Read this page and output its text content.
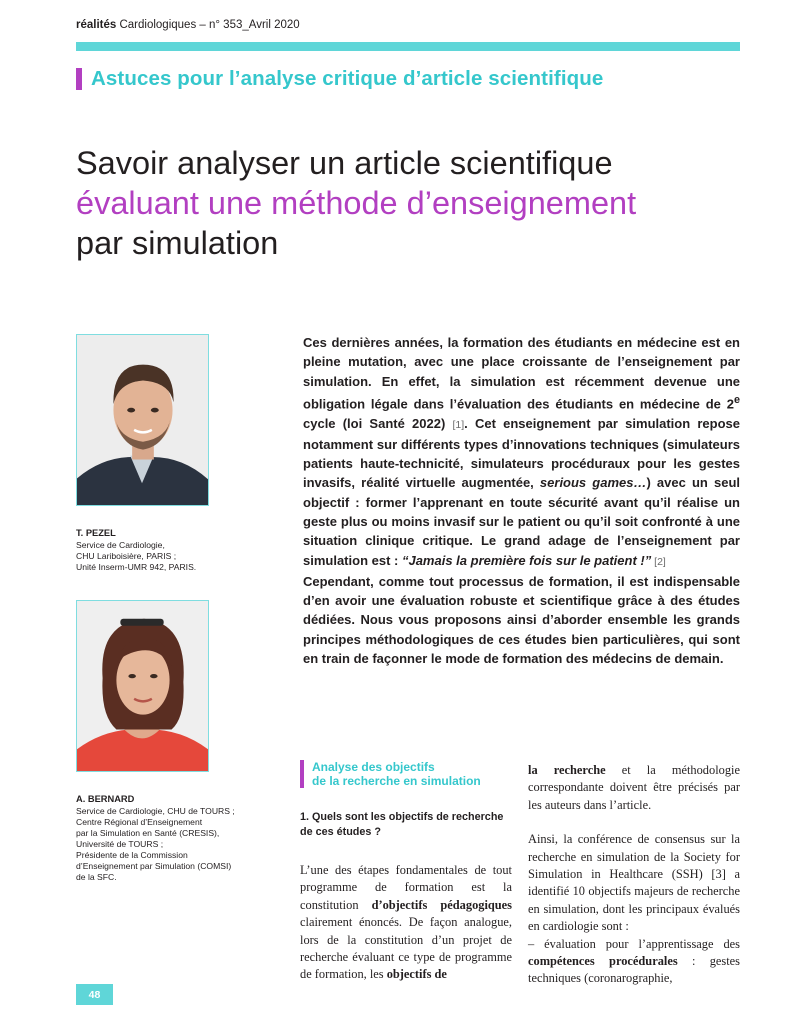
réalités Cardiologiques – n° 353_Avril 2020
Astuces pour l’analyse critique d’article scientifique
Savoir analyser un article scientifique
évaluant une méthode d’enseignement
par simulation
T. PEZEL
Service de Cardiologie,
CHU Lariboisière, PARIS ;
Unité Inserm-UMR 942, PARIS.
A. BERNARD
Service de Cardiologie, CHU de TOURS ;
Centre Régional d’Enseignement
par la Simulation en Santé (CRESIS),
Université de TOURS ;
Présidente de la Commission
d’Enseignement par Simulation (COMSI)
de la SFC.

Ces dernières années, la formation des étudiants en médecine est en pleine mutation, avec une place croissante de l’enseignement par simulation. En effet, la simulation est récemment devenue une obligation légale dans l’évaluation des étudiants en médecine de 2e cycle (loi Santé 2022) [1]. Cet enseignement par simulation repose notamment sur différents types d’innovations techniques (simulateurs patients haute-technicité, simulateurs procéduraux pour les gestes invasifs, réalité virtuelle augmentée, serious games…) avec un seul objectif : former l’apprenant en toute sécurité avant qu’il réalise un geste plus ou moins invasif sur le patient ou qu’il soit confronté à une situation clinique critique. Le grand adage de l’enseignement par simulation est : “Jamais la première fois sur le patient !” [2]

Cependant, comme tout processus de formation, il est indispensable d’en avoir une évaluation robuste et scientifique grâce à des études dédiées. Nous vous proposons ainsi d’aborder ensemble les grands principes méthodologiques de ces études bien particulières, qui sont en train de façonner le mode de formation des médecins de demain.

Analyse des objectifs
de la recherche en simulation

1. Quels sont les objectifs de recherche de ces études ?

L’une des étapes fondamentales de tout programme de formation est la constitution d’objectifs pédagogiques clairement énoncés. De façon analogue, lors de la constitution d’un projet de recherche évaluant ce type de programme de formation, les objectifs de

la recherche et la méthodologie correspondante doivent être précisés par les auteurs dans l’article.

Ainsi, la conférence de consensus sur la recherche en simulation de la Society for Simulation in Healthcare (SSH) [3] a identifié 10 objectifs majeurs de recherche en simulation, dont les principaux évalués en cardiologie sont :

– évaluation pour l’apprentissage des compétences procédurales : gestes techniques (coronarographie,

48
